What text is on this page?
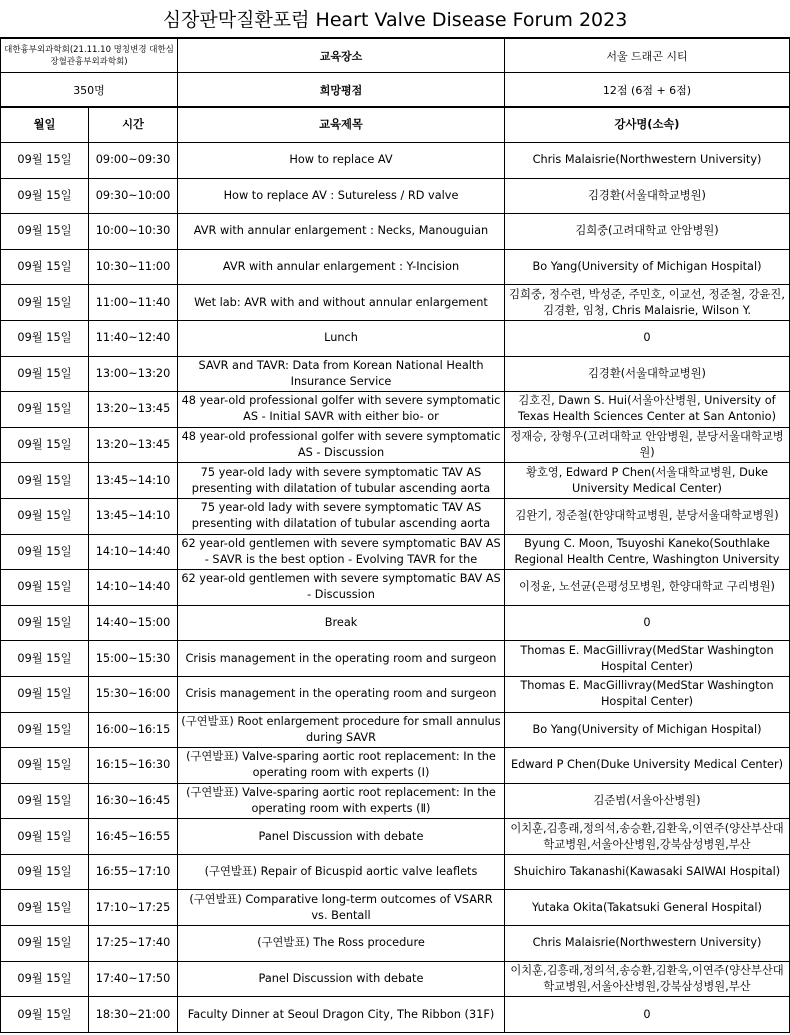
심장판막질환포럼 Heart Valve Disease Forum 2023
대한흉부외과학회(21.11.10 명칭변경 대한심장혈관흉부외과학회)	교육장소	서울 드래곤 시티
350명	희망평점	12점 (6점 + 6점)
월일	시간	교육제목	강사명(소속)

09월 15일	09:00~09:30	How to replace AV	Chris Malaisrie(Northwestern University)

09월 15일	09:30~10:00	How to replace AV : Sutureless / RD valve	김경환(서울대학교병원)

09월 15일	10:00~10:30	AVR with annular enlargement : Necks, Manouguian	김희중(고려대학교 안암병원)

09월 15일	10:30~11:00	AVR with annular enlargement : Y-Incision	Bo Yang(University of Michigan Hospital)

09월 15일	11:00~11:40	Wet lab: AVR with and without annular enlargement	김희중, 정수련, 박성준, 주민호, 이교선, 정준철, 강윤진, 김경환, 임청, Chris Malaisrie, Wilson Y.

09월 15일	11:40~12:40	Lunch	0

09월 15일	13:00~13:20	SAVR and TAVR: Data from Korean National Health Insurance Service	김경환(서울대학교병원)

09월 15일	13:20~13:45	48 year-old professional golfer with severe symptomatic AS - Initial SAVR with either bio- or	김호진, Dawn S. Hui(서울아산병원, University of Texas Health Sciences Center at San Antonio)

09월 15일	13:20~13:45	48 year-old professional golfer with severe symptomatic AS - Discussion	정재승, 장형우(고려대학교 안암병원, 분당서울대학교병원)

09월 15일	13:45~14:10	75 year-old lady with severe symptomatic TAV AS presenting with dilatation of tubular ascending aorta	황호영, Edward P Chen(서울대학교병원, Duke University Medical Center)

09월 15일	13:45~14:10	75 year-old lady with severe symptomatic TAV AS presenting with dilatation of tubular ascending aorta	김완기, 정준철(한양대학교병원, 분당서울대학교병원)

09월 15일	14:10~14:40	62 year-old gentlemen with severe symptomatic BAV AS - SAVR is the best option - Evolving TAVR for the	Byung C. Moon, Tsuyoshi Kaneko(Southlake Regional Health Centre, Washington University

09월 15일	14:10~14:40	62 year-old gentlemen with severe symptomatic BAV AS - Discussion	이정윤, 노선균(은평성모병원, 한양대학교 구리병원)

09월 15일	14:40~15:00	Break	0

09월 15일	15:00~15:30	Crisis management in the operating room and surgeon	Thomas E. MacGillivray(MedStar Washington Hospital Center)

09월 15일	15:30~16:00	Crisis management in the operating room and surgeon	Thomas E. MacGillivray(MedStar Washington Hospital Center)

09월 15일	16:00~16:15	(구연발표) Root enlargement procedure for small annulus during SAVR	Bo Yang(University of Michigan Hospital)

09월 15일	16:15~16:30	(구연발표) Valve-sparing aortic root replacement: In the operating room with experts (Ⅰ)	Edward P Chen(Duke University Medical Center)

09월 15일	16:30~16:45	(구연발표) Valve-sparing aortic root replacement: In the operating room with experts (Ⅱ)	김준범(서울아산병원)

09월 15일	16:45~16:55	Panel Discussion with debate	이치훈,김흥래,정의석,송승환,김환욱,이연주(양산부산대학교병원,서울아산병원,강북삼성병원,부산

09월 15일	16:55~17:10	(구연발표) Repair of Bicuspid aortic valve leaflets	Shuichiro Takanashi(Kawasaki SAIWAI Hospital)

09월 15일	17:10~17:25	(구연발표) Comparative long-term outcomes of VSARR vs. Bentall	Yutaka Okita(Takatsuki General Hospital)

09월 15일	17:25~17:40	(구연발표) The Ross procedure	Chris Malaisrie(Northwestern University)

09월 15일	17:40~17:50	Panel Discussion with debate	이치훈,김흥래,정의석,송승환,김환욱,이연주(양산부산대학교병원,서울아산병원,강북삼성병원,부산

09월 15일	18:30~21:00	Faculty Dinner at Seoul Dragon City, The Ribbon (31F)	0
